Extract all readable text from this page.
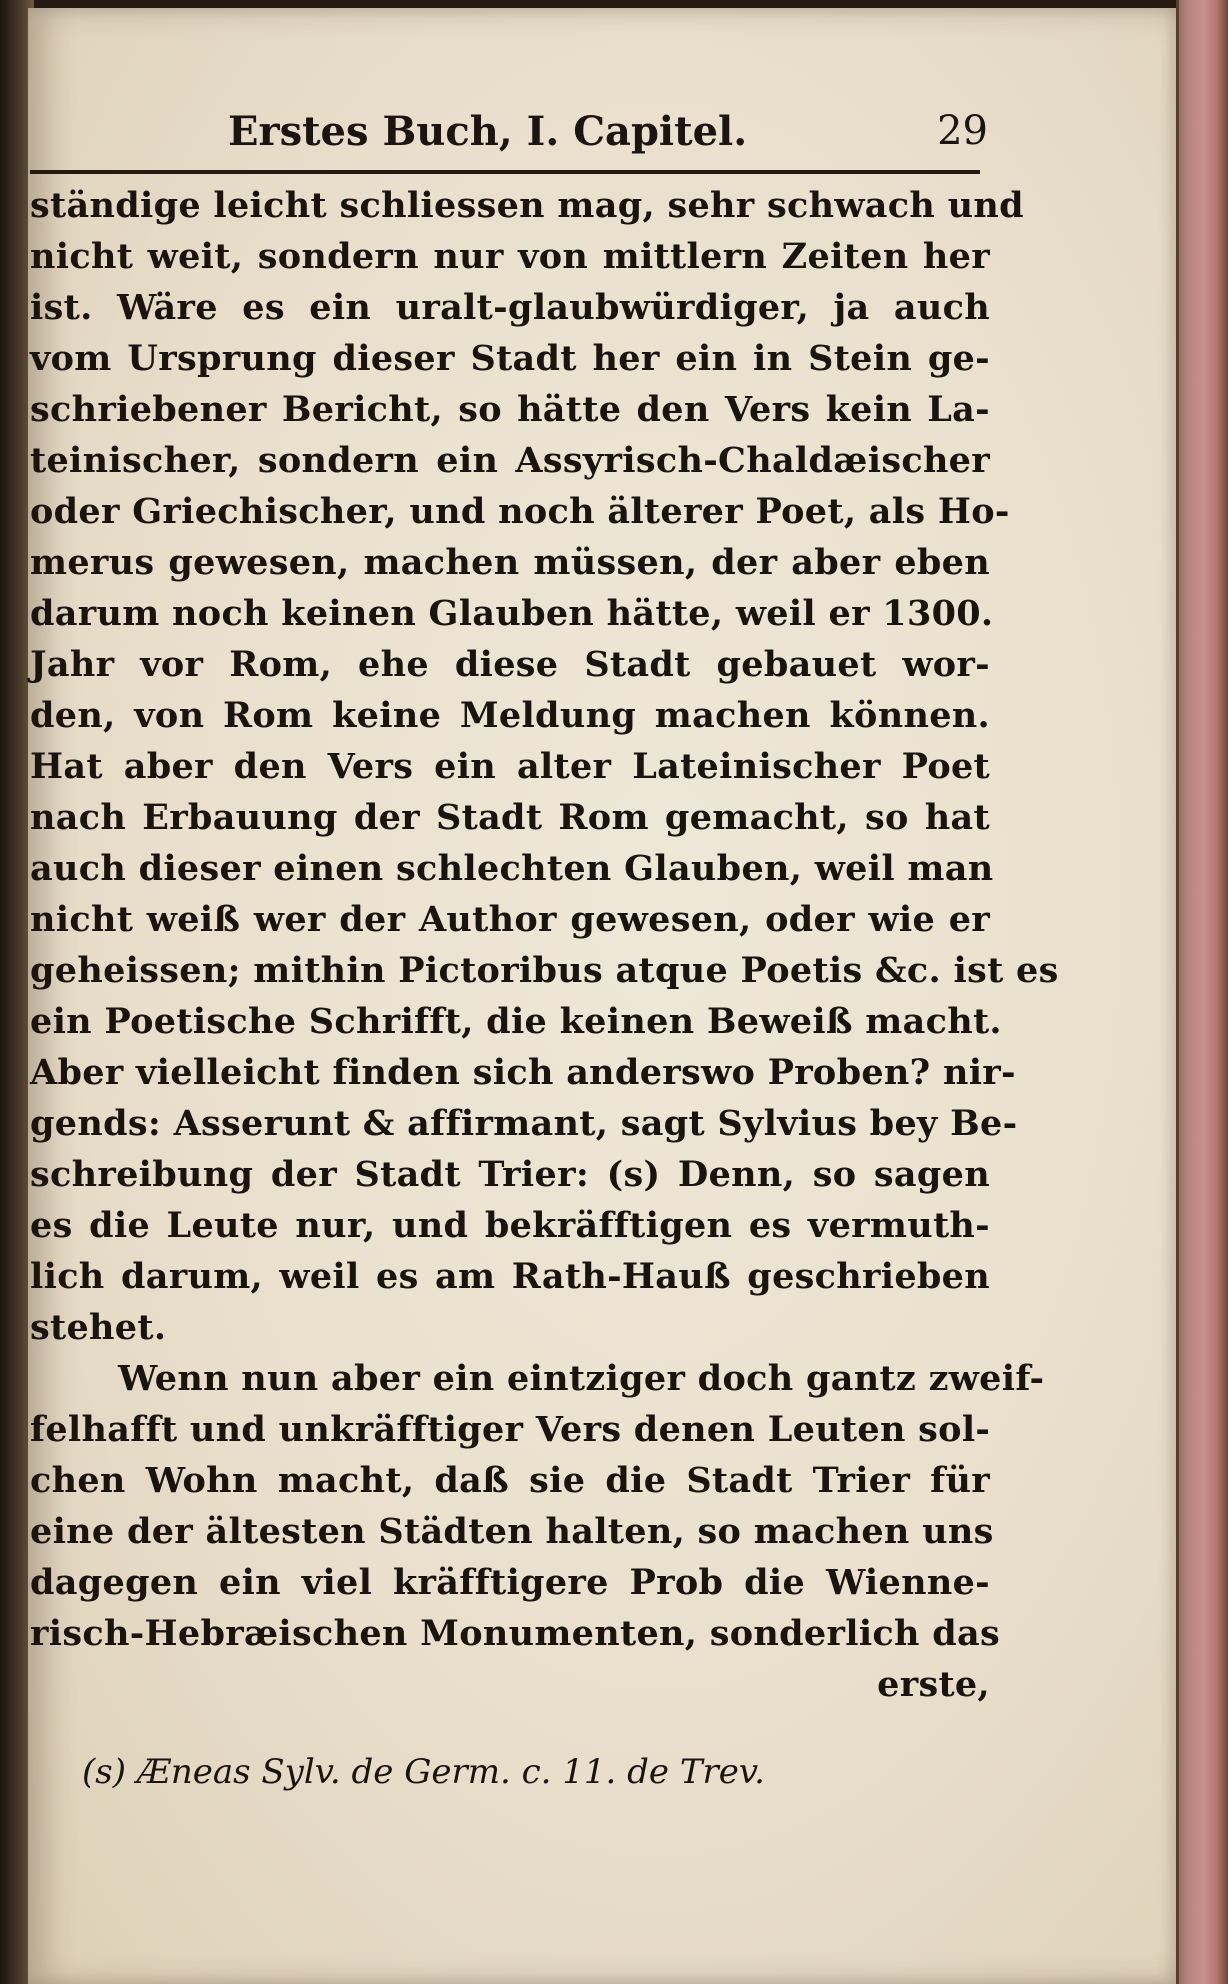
Erstes Buch, I. Capitel.	29
ständige leicht schliessen mag, sehr schwach und
nicht weit, sondern nur von mittlern Zeiten her
ist. Wäre es ein uralt-glaubwürdiger, ja auch
vom Ursprung dieser Stadt her ein in Stein ge-
schriebener Bericht, so hätte den Vers kein La-
teinischer, sondern ein Assyrisch-Chaldæischer
oder Griechischer, und noch älterer Poet, als Ho-
merus gewesen, machen müssen, der aber eben
darum noch keinen Glauben hätte, weil er 1300.
Jahr vor Rom, ehe diese Stadt gebauet wor-
den, von Rom keine Meldung machen können.
Hat aber den Vers ein alter Lateinischer Poet
nach Erbauung der Stadt Rom gemacht, so hat
auch dieser einen schlechten Glauben, weil man
nicht weiß wer der Author gewesen, oder wie er
geheissen; mithin Pictoribus atque Poetis &c. ist es
ein Poetische Schrifft, die keinen Beweiß macht.
Aber vielleicht finden sich anderswo Proben? nir-
gends: Asserunt & affirmant, sagt Sylvius bey Be-
schreibung der Stadt Trier: (s) Denn, so sagen
es die Leute nur, und bekräfftigen es vermuth-
lich darum, weil es am Rath-Hauß geschrieben
stehet.
Wenn nun aber ein eintziger doch gantz zweif-
felhafft und unkräfftiger Vers denen Leuten sol-
chen Wohn macht, daß sie die Stadt Trier für
eine der ältesten Städten halten, so machen uns
dagegen ein viel kräfftigere Prob die Wienne-
risch-Hebræischen Monumenten, sonderlich das
erste,
(s) Æneas Sylv. de Germ. c. 11. de Trev.
